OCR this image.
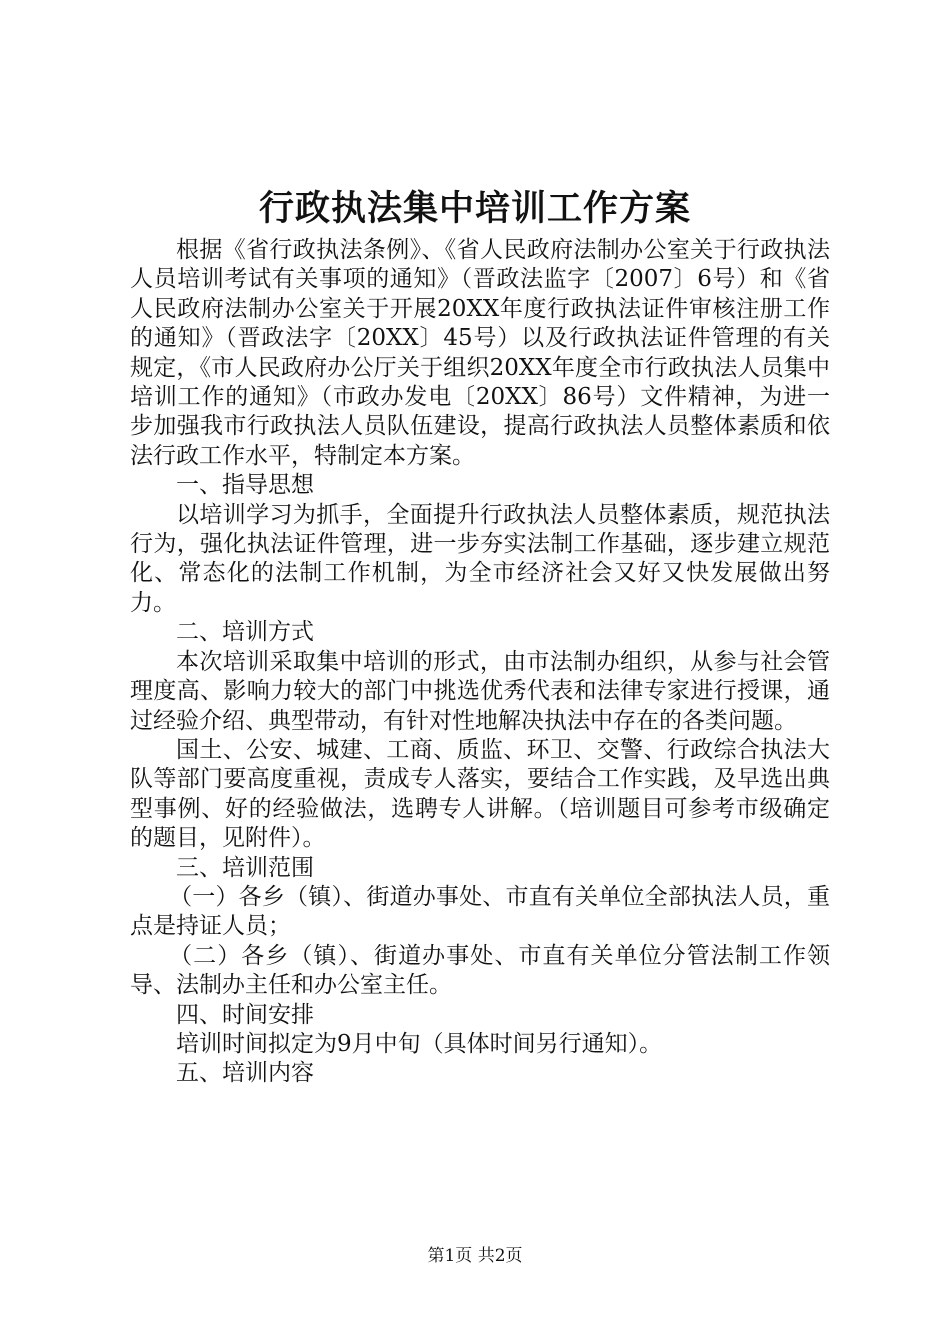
行政执法集中培训工作方案

根据《省行政执法条例》、《省人民政府法制办公室关于行政执法人员培训考试有关事项的通知》（晋政法监字〔2007〕6号）和《省人民政府法制办公室关于开展20XX年度行政执法证件审核注册工作的通知》（晋政法字〔20XX〕45号）以及行政执法证件管理的有关规定，《市人民政府办公厅关于组织20XX年度全市行政执法人员集中培训工作的通知》（市政办发电〔20XX〕86号）文件精神，为进一步加强我市行政执法人员队伍建设，提高行政执法人员整体素质和依法行政工作水平，特制定本方案。

一、指导思想

以培训学习为抓手，全面提升行政执法人员整体素质，规范执法行为，强化执法证件管理，进一步夯实法制工作基础，逐步建立规范化、常态化的法制工作机制，为全市经济社会又好又快发展做出努力。

二、培训方式

本次培训采取集中培训的形式，由市法制办组织，从参与社会管理度高、影响力较大的部门中挑选优秀代表和法律专家进行授课，通过经验介绍、典型带动，有针对性地解决执法中存在的各类问题。

国土、公安、城建、工商、质监、环卫、交警、行政综合执法大队等部门要高度重视，责成专人落实，要结合工作实践，及早选出典型事例、好的经验做法，选聘专人讲解。（培训题目可参考市级确定的题目，见附件）。

三、培训范围

（一）各乡（镇）、街道办事处、市直有关单位全部执法人员，重点是持证人员；

（二）各乡（镇）、街道办事处、市直有关单位分管法制工作领导、法制办主任和办公室主任。

四、时间安排

培训时间拟定为9月中旬（具体时间另行通知）。

五、培训内容

第1页 共2页
